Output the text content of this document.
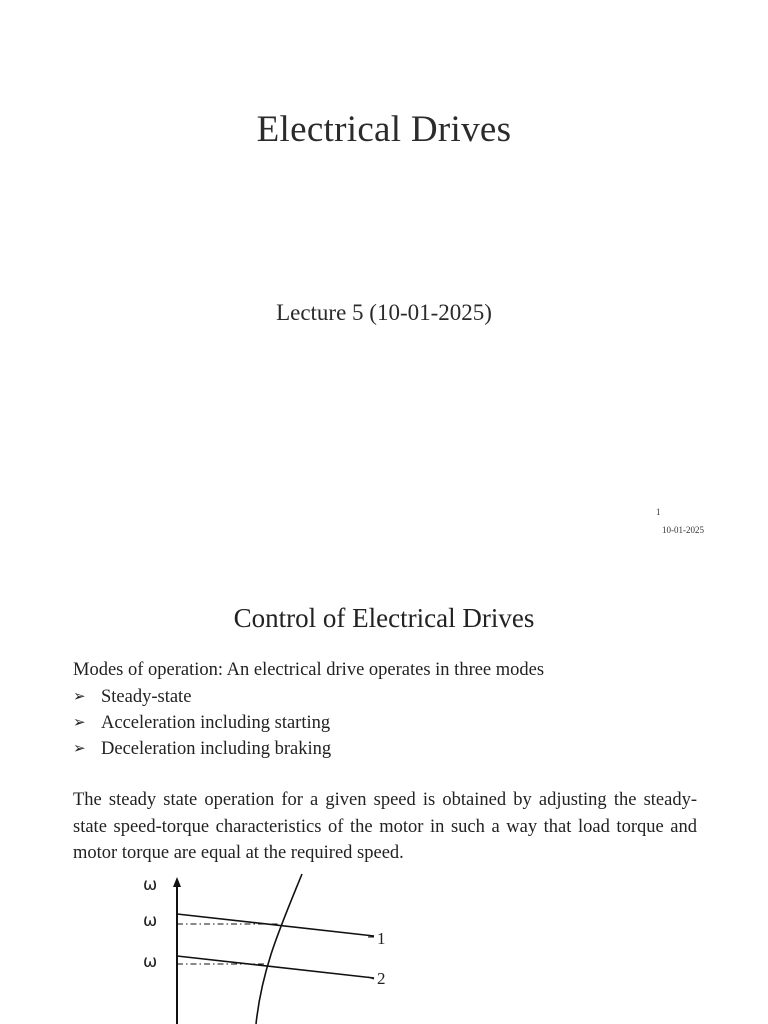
Electrical Drives
Lecture 5 (10-01-2025)
1
10-01-2025
Control of Electrical Drives
Modes of operation: An electrical drive operates in three modes
➢ Steady-state
➢ Acceleration including starting
➢ Deceleration including braking
The steady state operation for a given speed is obtained by adjusting the steady-state speed-torque characteristics of the motor in such a way that load torque and motor torque are equal at the required speed.
ω
ω
ω
1
2
